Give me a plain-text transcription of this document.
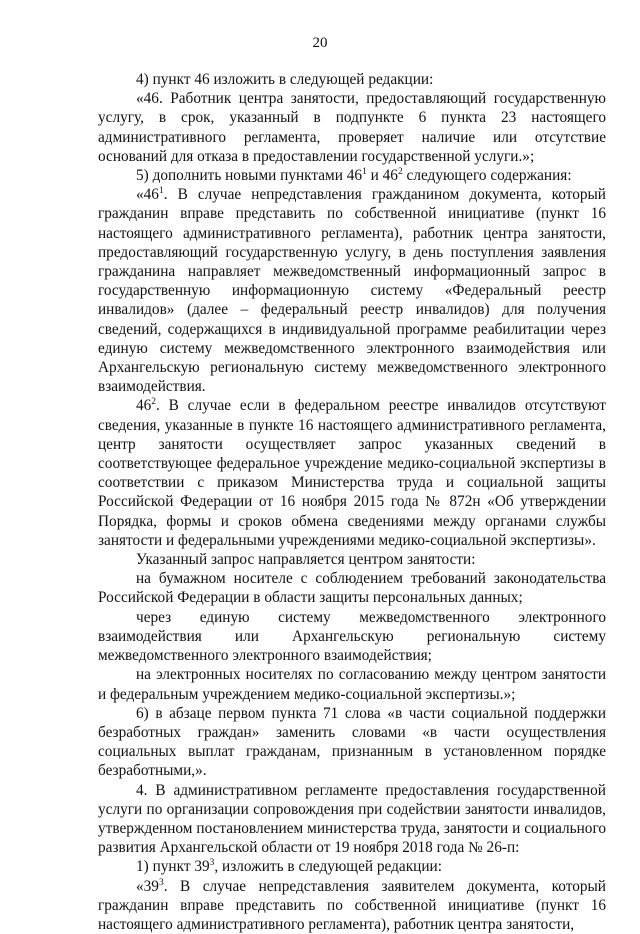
20

4) пункт 46 изложить в следующей редакции:

«46. Работник центра занятости, предоставляющий государственную услугу, в срок, указанный в подпункте 6 пункта 23 настоящего административного регламента, проверяет наличие или отсутствие оснований для отказа в предоставлении государственной услуги.»;

5) дополнить новыми пунктами $46^1$ и $46^2$ следующего содержания:

«$46^1$. В случае непредставления гражданином документа, который гражданин вправе представить по собственной инициативе (пункт 16 настоящего административного регламента), работник центра занятости, предоставляющий государственную услугу, в день поступления заявления гражданина направляет межведомственный информационный запрос в государственную информационную систему «Федеральный реестр инвалидов» (далее – федеральный реестр инвалидов) для получения сведений, содержащихся в индивидуальной программе реабилитации через единую систему межведомственного электронного взаимодействия или Архангельскую региональную систему межведомственного электронного взаимодействия.

$46^2$. В случае если в федеральном реестре инвалидов отсутствуют сведения, указанные в пункте 16 настоящего административного регламента, центр занятости осуществляет запрос указанных сведений в соответствующее федеральное учреждение медико-социальной экспертизы в соответствии с приказом Министерства труда и социальной защиты Российской Федерации от 16 ноября 2015 года № 872н «Об утверждении Порядка, формы и сроков обмена сведениями между органами службы занятости и федеральными учреждениями медико-социальной экспертизы».

Указанный запрос направляется центром занятости:

на бумажном носителе с соблюдением требований законодательства Российской Федерации в области защиты персональных данных;

через единую систему межведомственного электронного взаимодействия или Архангельскую региональную систему межведомственного электронного взаимодействия;

на электронных носителях по согласованию между центром занятости и федеральным учреждением медико-социальной экспертизы.»;

6) в абзаце первом пункта 71 слова «в части социальной поддержки безработных граждан» заменить словами «в части осуществления социальных выплат гражданам, признанным в установленном порядке безработными,».

4. В административном регламенте предоставления государственной услуги по организации сопровождения при содействии занятости инвалидов, утвержденном постановлением министерства труда, занятости и социального развития Архангельской области от 19 ноября 2018 года № 26-п:

1) пункт $39^3$, изложить в следующей редакции:

«$39^3$. В случае непредставления заявителем документа, который гражданин вправе представить по собственной инициативе (пункт 16 настоящего административного регламента), работник центра занятости,
